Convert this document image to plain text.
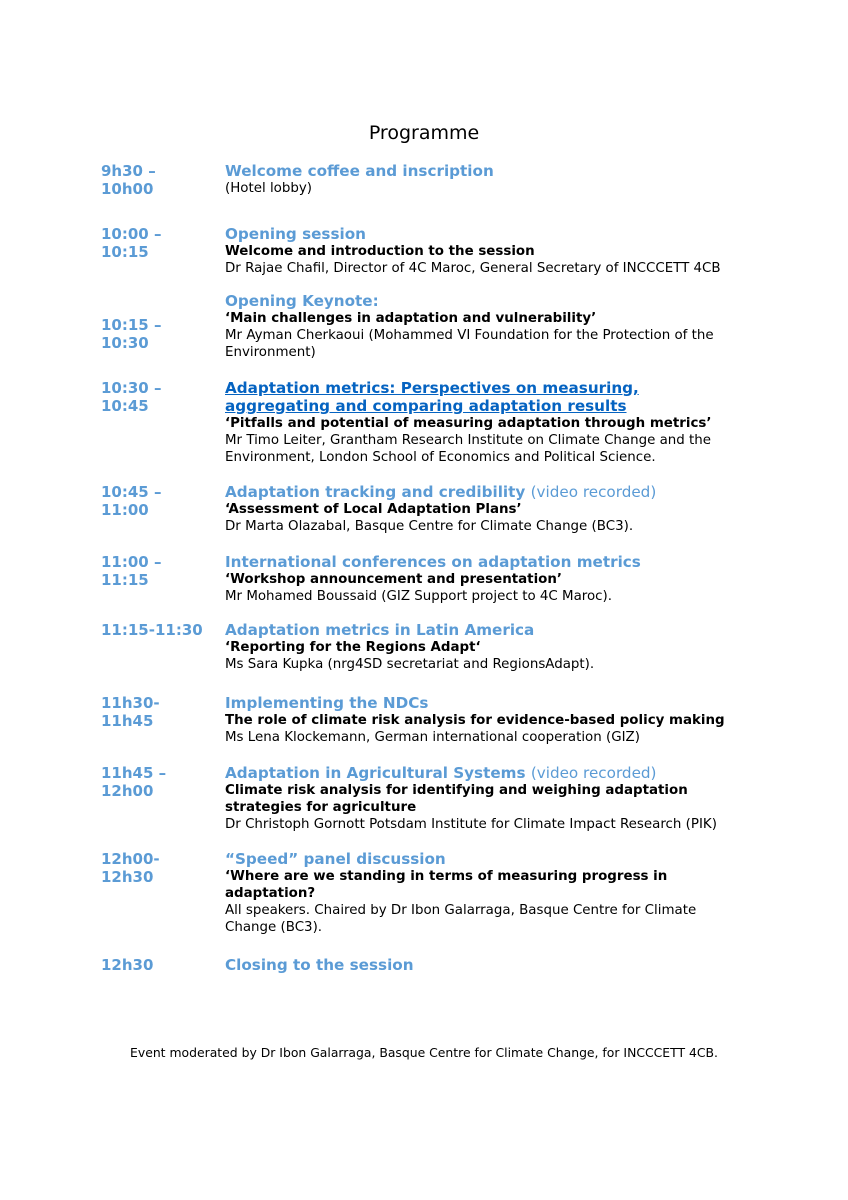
Programme
9h30 –
10h00
Welcome coffee and inscription
(Hotel lobby)
10:00 –
10:15
Opening session
Welcome and introduction to the session
Dr Rajae Chafil, Director of 4C Maroc, General Secretary of INCCCETT 4CB
10:15 –
10:30
Opening Keynote:
‘Main challenges in adaptation and vulnerability’
Mr Ayman Cherkaoui (Mohammed VI Foundation for the Protection of the
Environment)
10:30 –
10:45
Adaptation metrics: Perspectives on measuring,
aggregating and comparing adaptation results
‘Pitfalls and potential of measuring adaptation through metrics’
Mr Timo Leiter, Grantham Research Institute on Climate Change and the
Environment, London School of Economics and Political Science.
10:45 –
11:00
Adaptation tracking and credibility (video recorded)
‘Assessment of Local Adaptation Plans’
Dr Marta Olazabal, Basque Centre for Climate Change (BC3).
11:00 –
11:15
International conferences on adaptation metrics
‘Workshop announcement and presentation’
Mr Mohamed Boussaid (GIZ Support project to 4C Maroc).
11:15-11:30	Adaptation metrics in Latin America
‘Reporting for the Regions Adapt‘
Ms Sara Kupka (nrg4SD secretariat and RegionsAdapt).
11h30-
11h45
Implementing the NDCs
The role of climate risk analysis for evidence-based policy making
Ms Lena Klockemann, German international cooperation (GIZ)
11h45 –
12h00
Adaptation in Agricultural Systems (video recorded)
Climate risk analysis for identifying and weighing adaptation
strategies for agriculture
Dr Christoph Gornott Potsdam Institute for Climate Impact Research (PIK)
12h00-
12h30
“Speed” panel discussion
‘Where are we standing in terms of measuring progress in
adaptation?
All speakers. Chaired by Dr Ibon Galarraga, Basque Centre for Climate
Change (BC3).
12h30	Closing to the session
Event moderated by Dr Ibon Galarraga, Basque Centre for Climate Change, for INCCCETT 4CB.
